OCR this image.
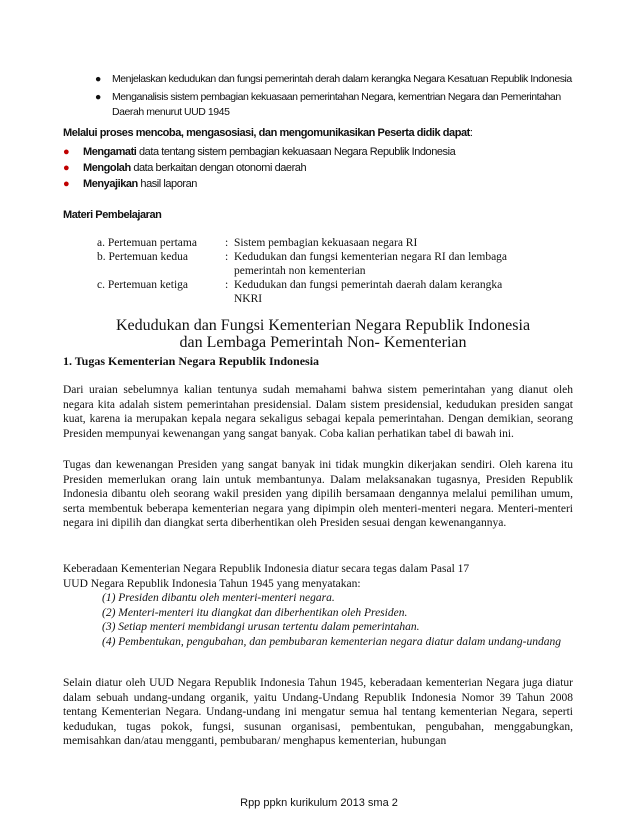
● Menjelaskan kedudukan dan fungsi pemerintah derah dalam kerangka Negara Kesatuan Republik Indonesia
● Menganalisis sistem pembagian kekuasaan pemerintahan Negara, kementrian Negara dan Pemerintahan Daerah menurut UUD 1945
Melalui proses mencoba, mengasosiasi, dan mengomunikasikan Peserta didik dapat:
● Mengamati data tentang sistem pembagian kekuasaan Negara Republik Indonesia
● Mengolah data berkaitan dengan otonomi daerah
● Menyajikan hasil laporan
Materi Pembelajaran
a. Pertemuan pertama : Sistem pembagian kekuasaan negara RI
b. Pertemuan kedua	: Kedudukan dan fungsi kementerian negara RI dan lembaga pemerintah non kementerian
c. Pertemuan ketiga	: Kedudukan dan fungsi pemerintah daerah dalam kerangka NKRI
Kedudukan dan Fungsi Kementerian Negara Republik Indonesia
dan Lembaga Pemerintah Non- Kementerian
1. Tugas Kementerian Negara Republik Indonesia
Dari uraian sebelumnya kalian tentunya sudah memahami bahwa sistem pemerintahan yang dianut oleh negara kita adalah sistem pemerintahan presidensial. Dalam sistem presidensial, kedudukan presiden sangat kuat, karena ia merupakan kepala negara sekaligus sebagai kepala pemerintahan. Dengan demikian, seorang Presiden mempunyai kewenangan yang sangat banyak. Coba kalian perhatikan tabel di bawah ini.
Tugas dan kewenangan Presiden yang sangat banyak ini tidak mungkin dikerjakan sendiri. Oleh karena itu Presiden memerlukan orang lain untuk membantunya. Dalam melaksanakan tugasnya, Presiden Republik Indonesia dibantu oleh seorang wakil presiden yang dipilih bersamaan dengannya melalui pemilihan umum, serta membentuk beberapa kementerian negara yang dipimpin oleh menteri-menteri negara. Menteri-menteri negara ini dipilih dan diangkat serta diberhentikan oleh Presiden sesuai dengan kewenangannya.
Keberadaan Kementerian Negara Republik Indonesia diatur secara tegas dalam Pasal 17
UUD Negara Republik Indonesia Tahun 1945 yang menyatakan:

(1) Presiden dibantu oleh menteri-menteri negara.

(2) Menteri-menteri itu diangkat dan diberhentikan oleh Presiden.

(3) Setiap menteri membidangi urusan tertentu dalam pemerintahan.

(4) Pembentukan, pengubahan, dan pembubaran kementerian negara diatur dalam undang-undang

Selain diatur oleh UUD Negara Republik Indonesia Tahun 1945, keberadaan kementerian Negara juga diatur dalam sebuah undang-undang organik, yaitu Undang-Undang Republik Indonesia Nomor 39 Tahun 2008 tentang Kementerian Negara. Undang-undang ini mengatur semua hal tentang kementerian Negara, seperti kedudukan, tugas pokok, fungsi, susunan organisasi, pembentukan, pengubahan, menggabungkan, memisahkan dan/atau mengganti, pembubaran/ menghapus kementerian, hubungan
Rpp ppkn kurikulum 2013 sma 2
